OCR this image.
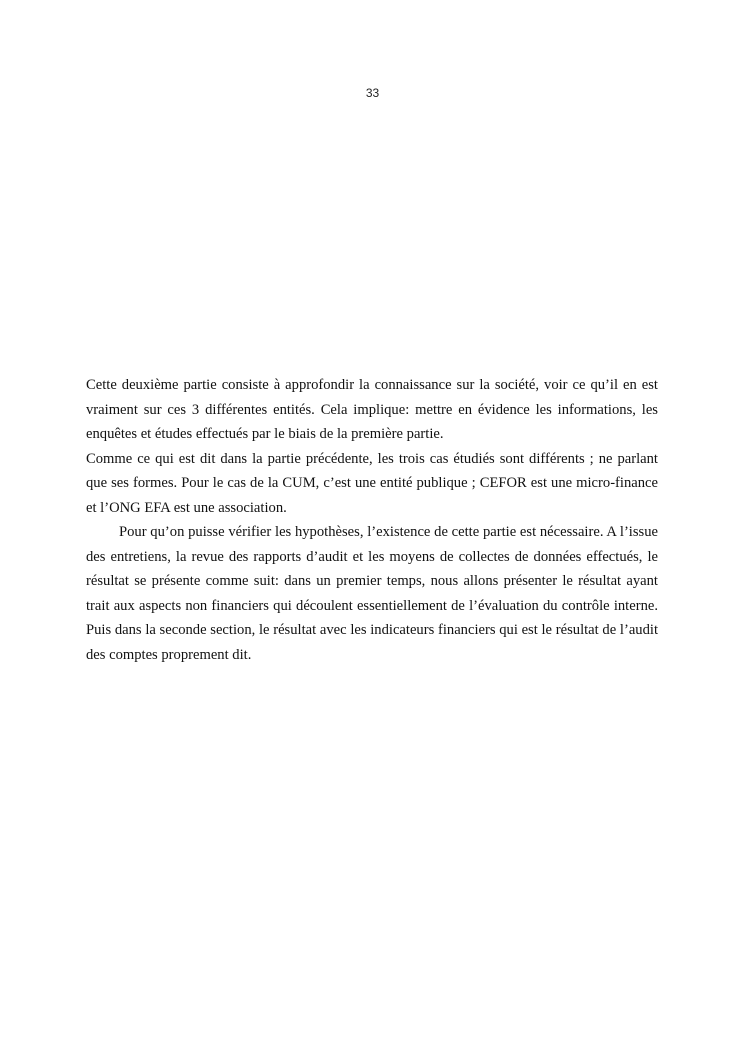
33

Cette deuxième partie consiste à approfondir la connaissance sur la société, voir ce qu’il en est vraiment sur ces 3 différentes entités. Cela implique: mettre en évidence les informations, les enquêtes et études effectués par le biais de la première partie.

Comme ce qui est dit dans la partie précédente, les trois cas étudiés sont différents ; ne parlant que ses formes. Pour le cas de la CUM, c’est une entité publique ; CEFOR est une micro-finance et l’ONG EFA est une association.

Pour qu’on puisse vérifier les hypothèses, l’existence de cette partie est nécessaire. A l’issue des entretiens, la revue des rapports d’audit et les moyens de collectes de données effectués, le résultat se présente comme suit: dans un premier temps, nous allons présenter le résultat ayant trait aux aspects non financiers qui découlent essentiellement de l’évaluation du contrôle interne. Puis dans la seconde section, le résultat avec les indicateurs financiers qui est le résultat de l’audit des comptes proprement dit.
